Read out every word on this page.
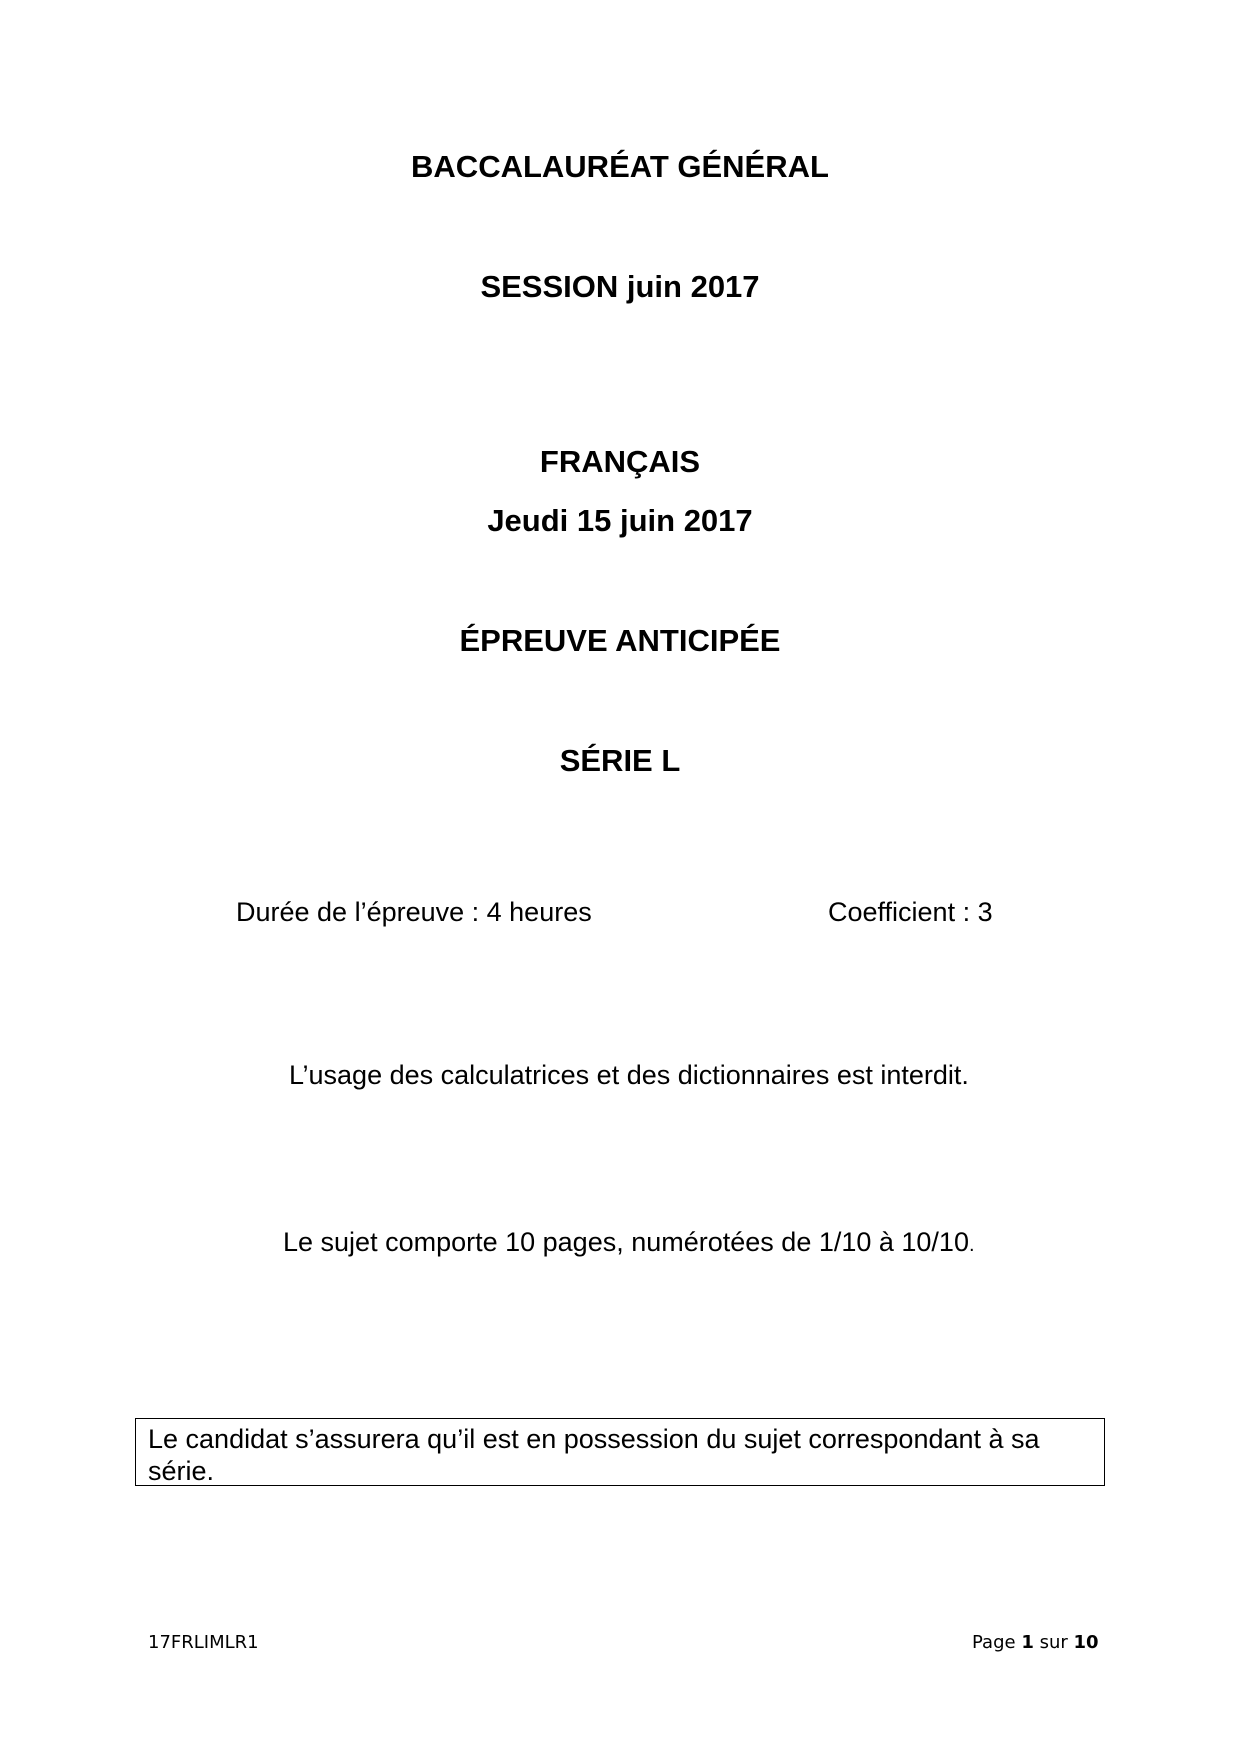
BACCALAURÉAT GÉNÉRAL
SESSION juin 2017
FRANÇAIS
Jeudi 15 juin 2017
ÉPREUVE ANTICIPÉE
SÉRIE L
Durée de l’épreuve : 4 heures	Coefficient : 3
L’usage des calculatrices et des dictionnaires est interdit.
Le sujet comporte 10 pages, numérotées de 1/10 à 10/10.
Le candidat s’assurera qu’il est en possession du sujet correspondant à sa série.
17FRLIMLR1	Page 1 sur 10
